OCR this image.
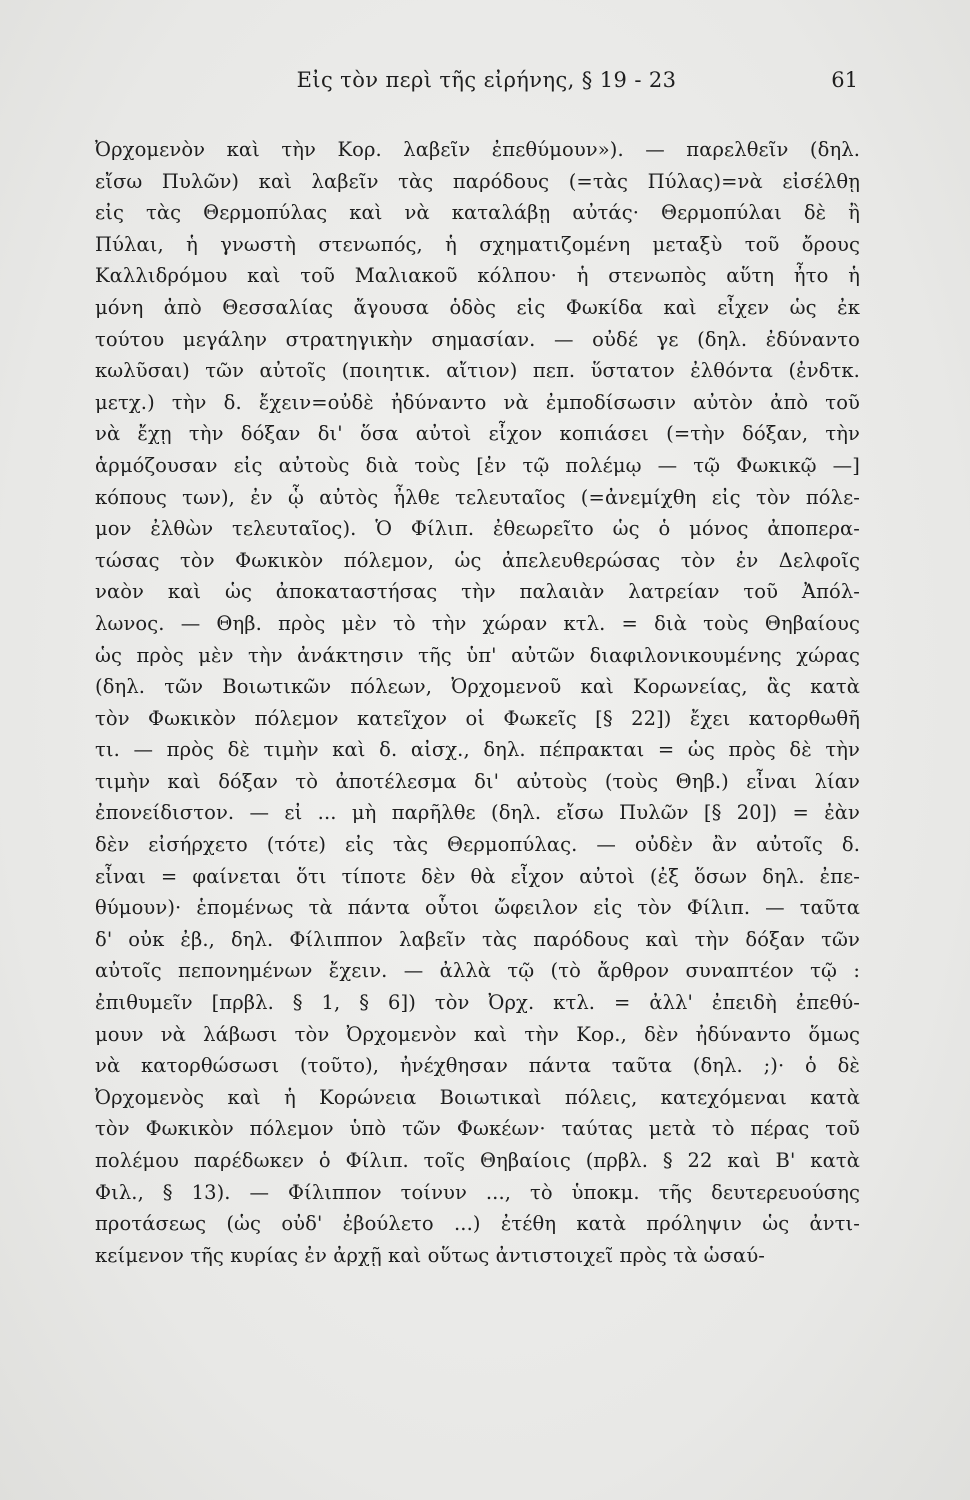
Εἰς τὸν περὶ τῆς εἰρήνης, § 19 - 23	61
Ὀρχομενὸν καὶ τὴν Κορ. λαβεῖν ἐπεθύμουν»). — παρελθεῖν (δηλ.
εἴσω Πυλῶν) καὶ λαβεῖν τὰς παρόδους (=τὰς Πύλας)=νὰ εἰσέλθῃ
εἰς τὰς Θερμοπύλας καὶ νὰ καταλάβῃ αὐτάς· Θερμοπύλαι δὲ ἢ
Πύλαι, ἡ γνωστὴ στενωπός, ἡ σχηματιζομένη μεταξὺ τοῦ ὄρους
Καλλιδρόμου καὶ τοῦ Μαλιακοῦ κόλπου· ἡ στενωπὸς αὕτη ἦτο ἡ
μόνη ἀπὸ Θεσσαλίας ἄγουσα ὁδὸς εἰς Φωκίδα καὶ εἶχεν ὡς ἐκ
τούτου μεγάλην στρατηγικὴν σημασίαν. — οὐδέ γε (δηλ. ἐδύναντο
κωλῦσαι) τῶν αὐτοῖς (ποιητικ. αἴτιον) πεπ. ὕστατον ἐλθόντα (ἐνδτκ.
μετχ.) τὴν δ. ἔχειν=οὐδὲ ἠδύναντο νὰ ἐμποδίσωσιν αὐτὸν ἀπὸ τοῦ
νὰ ἔχῃ τὴν δόξαν δι' ὅσα αὐτοὶ εἶχον κοπιάσει (=τὴν δόξαν, τὴν
ἁρμόζουσαν εἰς αὐτοὺς διὰ τοὺς [ἐν τῷ πολέμῳ — τῷ Φωκικῷ —]
κόπους των), ἐν ᾧ αὐτὸς ἦλθε τελευταῖος (=ἀνεμίχθη εἰς τὸν πόλε-
μον ἐλθὼν τελευταῖος). Ὁ Φίλιπ. ἐθεωρεῖτο ὡς ὁ μόνος ἀποπερα-
τώσας τὸν Φωκικὸν πόλεμον, ὡς ἀπελευθερώσας τὸν ἐν Δελφοῖς
ναὸν καὶ ὡς ἀποκαταστήσας τὴν παλαιὰν λατρείαν τοῦ Ἀπόλ-
λωνος. — Θηβ. πρὸς μὲν τὸ τὴν χώραν κτλ. = διὰ τοὺς Θηβαίους
ὡς πρὸς μὲν τὴν ἀνάκτησιν τῆς ὑπ' αὐτῶν διαφιλονικουμένης χώρας
(δηλ. τῶν Βοιωτικῶν πόλεων, Ὀρχομενοῦ καὶ Κορωνείας, ἃς κατὰ
τὸν Φωκικὸν πόλεμον κατεῖχον οἱ Φωκεῖς [§ 22]) ἔχει κατορθωθῆ
τι. — πρὸς δὲ τιμὴν καὶ δ. αἰσχ., δηλ. πέπρακται = ὡς πρὸς δὲ τὴν
τιμὴν καὶ δόξαν τὸ ἀποτέλεσμα δι' αὐτοὺς (τοὺς Θηβ.) εἶναι λίαν
ἐπονείδιστον. — εἰ ... μὴ παρῆλθε (δηλ. εἴσω Πυλῶν [§ 20]) = ἐὰν
δὲν εἰσήρχετο (τότε) εἰς τὰς Θερμοπύλας. — οὐδὲν ἂν αὐτοῖς δ.
εἶναι = φαίνεται ὅτι τίποτε δὲν θὰ εἶχον αὐτοὶ (ἐξ ὅσων δηλ. ἐπε-
θύμουν)· ἑπομένως τὰ πάντα οὗτοι ὤφειλον εἰς τὸν Φίλιπ. — ταῦτα
δ' οὐκ ἐβ., δηλ. Φίλιππον λαβεῖν τὰς παρόδους καὶ τὴν δόξαν τῶν
αὐτοῖς πεπονημένων ἔχειν. — ἀλλὰ τῷ (τὸ ἄρθρον συναπτέον τῷ :
ἐπιθυμεῖν [πρβλ. § 1, § 6]) τὸν Ὀρχ. κτλ. = ἀλλ' ἐπειδὴ ἐπεθύ-
μουν νὰ λάβωσι τὸν Ὀρχομενὸν καὶ τὴν Κορ., δὲν ἠδύναντο ὅμως
νὰ κατορθώσωσι (τοῦτο), ἠνέχθησαν πάντα ταῦτα (δηλ. ;)· ὁ δὲ
Ὀρχομενὸς καὶ ἡ Κορώνεια Βοιωτικαὶ πόλεις, κατεχόμεναι κατὰ
τὸν Φωκικὸν πόλεμον ὑπὸ τῶν Φωκέων· ταύτας μετὰ τὸ πέρας τοῦ
πολέμου παρέδωκεν ὁ Φίλιπ. τοῖς Θηβαίοις (πρβλ. § 22 καὶ Β' κατὰ
Φιλ., § 13). — Φίλιππον τοίνυν ..., τὸ ὑποκμ. τῆς δευτερευούσης
προτάσεως (ὡς οὐδ' ἐβούλετο ...) ἐτέθη κατὰ πρόληψιν ὡς ἀντι-
κείμενον τῆς κυρίας ἐν ἀρχῇ καὶ οὕτως ἀντιστοιχεῖ πρὸς τὰ ὡσαύ-
